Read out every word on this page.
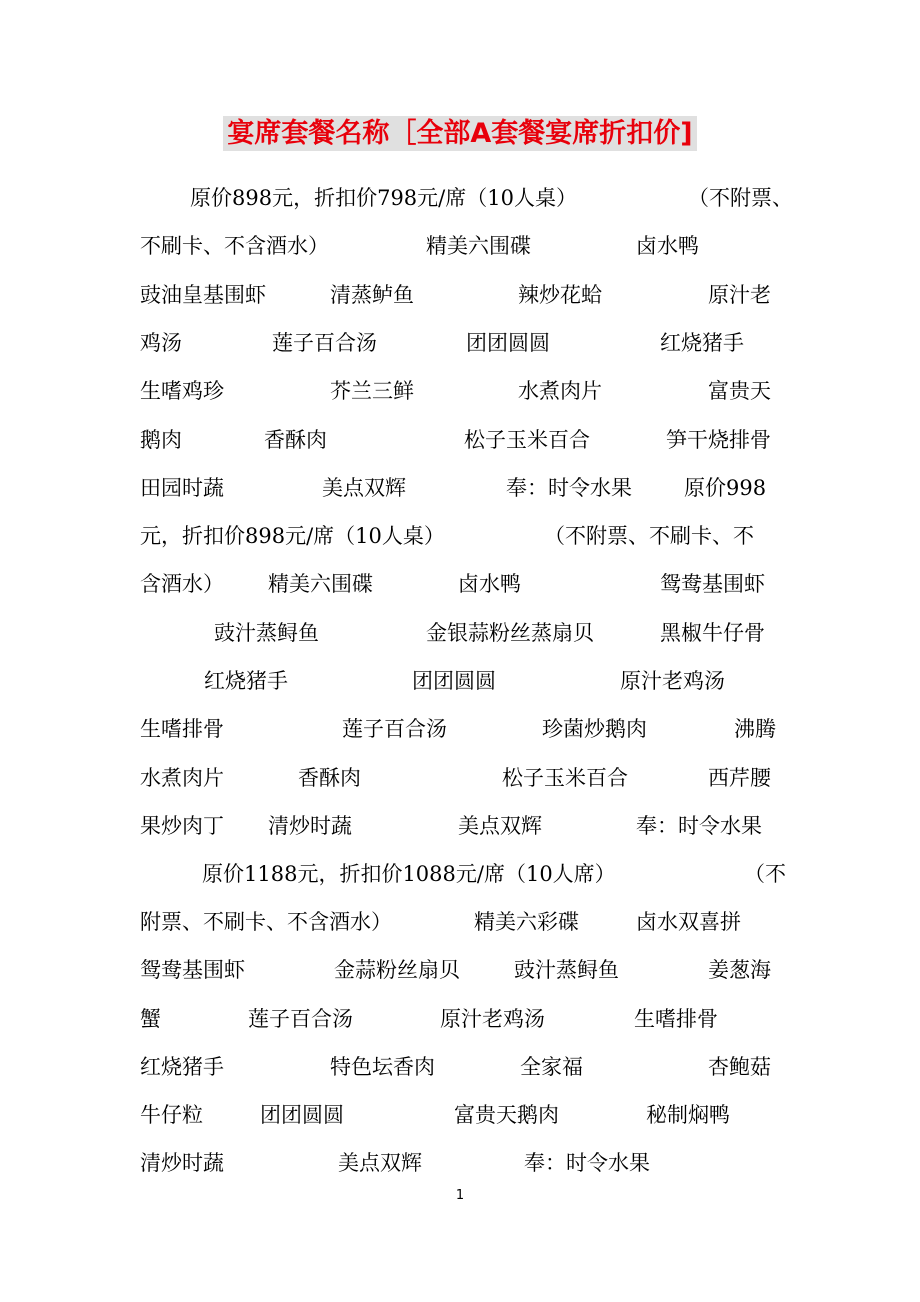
宴席套餐名称［全部A套餐宴席折扣价]
原价898元，折扣价798元/席（10人桌）	（不附票、
不刷卡、不含酒水）	精美六围碟	卤水鸭
豉油皇基围虾	清蒸鲈鱼	辣炒花蛤	原汁老
鸡汤	莲子百合汤	团团圆圆	红烧猪手
生嗜鸡珍	芥兰三鲜	水煮肉片	富贵天
鹅肉	香酥肉	松子玉米百合	笋干烧排骨
田园时蔬	美点双辉	奉：时令水果 原价998
元，折扣价898元/席（10人桌）	（不附票、不刷卡、不
含酒水） 精美六围碟	卤水鸭	鸳鸯基围虾
豉汁蒸鲟鱼	金银蒜粉丝蒸扇贝	黑椒牛仔骨
红烧猪手	团团圆圆	原汁老鸡汤
生嗜排骨	莲子百合汤	珍菌炒鹅肉	沸腾
水煮肉片	香酥肉	松子玉米百合	西芹腰
果炒肉丁 清炒时蔬	美点双辉	奉：时令水果
原价1188元，折扣价1088元/席（10人席）	（不
附票、不刷卡、不含酒水）	精美六彩碟	卤水双喜拼
鸳鸯基围虾	金蒜粉丝扇贝	豉汁蒸鲟鱼	姜葱海
蟹	莲子百合汤	原汁老鸡汤	生嗜排骨
红烧猪手	特色坛香肉	全家福	杏鲍菇
牛仔粒	团团圆圆	富贵天鹅肉	秘制焖鸭
清炒时蔬	美点双辉	奉：时令水果
1
